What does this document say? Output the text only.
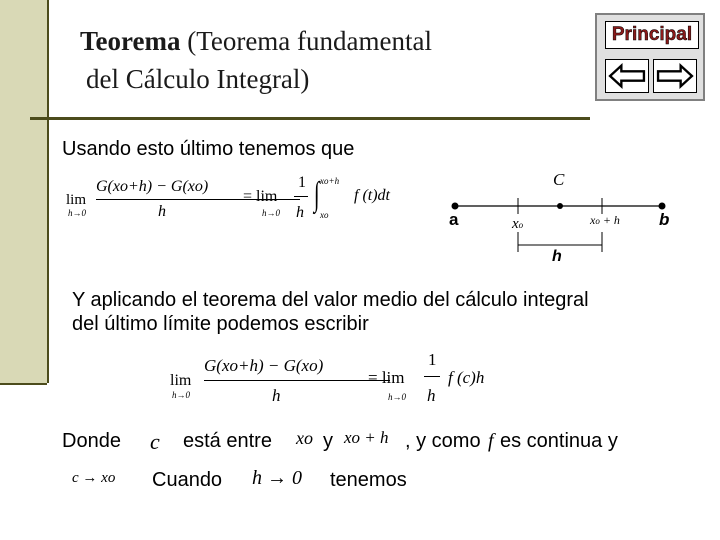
Teorema (Teorema fundamental
del Cálculo Integral)
Principal
Usando esto último tenemos que
lim
h→0
G(xo+h) − G(xo)
h
= lim
h→0
1
h ∫ xo+h
xo
f (t)dt
C
a	b
xo	xo + h
h
Y aplicando el teorema del valor medio del cálculo integral
del último límite podemos escribir
lim
h→0
G(xo+h) − G(xo)
h
= lim
h→0
1
h
f (c)h
Donde c está entre xo y xo + h , y como f es continua y
c → xo Cuando h → 0 tenemos
